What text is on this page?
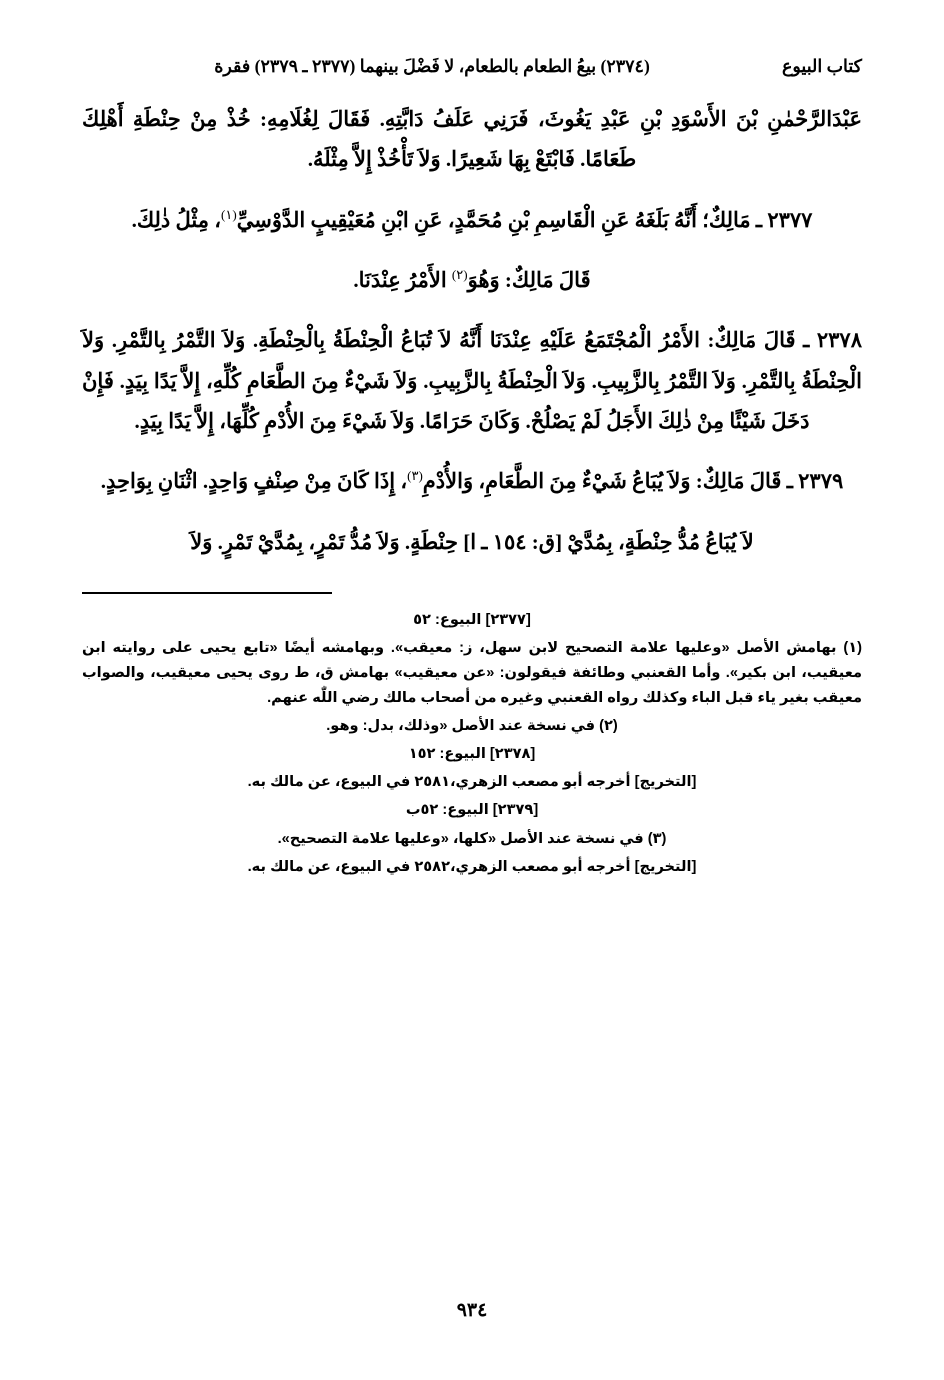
كتاب البيوع
(٢٣٧٤) بيعُ الطعام بالطعام، لا فَضْلَ بينهما (٢٣٧٧ ـ ٢٣٧٩) فقرة

عَبْدَالرَّحْمٰنِ بْنَ الأَسْوَدِ بْنِ عَبْدِ يَغُوثَ، فَرَنِي عَلَفُ دَابَّتِهِ. فَقَالَ لِغُلَامِهِ: خُذْ مِنْ حِنْطَةِ أَهْلِكَ طَعَامًا. فَابْتَعْ بِهَا شَعِيرًا. وَلاَ تَأْخُذْ إِلاَّ مِثْلَهُ.

٢٣٧٧ ـ مَالِكٌ؛ أَنَّهُ بَلَغَهُ عَنِ الْقَاسِمِ بْنِ مُحَمَّدٍ، عَنِ ابْنِ مُعَيْقِيبٍ الدَّوْسِيِّ$^{(١)}$، مِثْلُ ذٰلِكَ.

قَالَ مَالِكٌ: وَهُوَ$^{(٢)}$ الأَمْرُ عِنْدَنَا.

٢٣٧٨ ـ قَالَ مَالِكٌ: الأَمْرُ الْمُجْتَمَعُ عَلَيْهِ عِنْدَنَا أَنَّهُ لاَ تُبَاعُ الْحِنْطَةُ بِالْحِنْطَةِ. وَلاَ التَّمْرُ بِالتَّمْرِ. وَلاَ الْحِنْطَةُ بِالتَّمْرِ. وَلاَ التَّمْرُ بِالزَّبِيبِ. وَلاَ الْحِنْطَةُ بِالزَّبِيبِ. وَلاَ شَيْءٌ مِنَ الطَّعَامِ كُلِّهِ، إِلاَّ يَدًا بِيَدٍ. فَإِنْ دَخَلَ شَيْئًا مِنْ ذٰلِكَ الأَجَلُ لَمْ يَصْلُحْ. وَكَانَ حَرَامًا. وَلاَ شَيْءَ مِنَ الأُدْمِ كُلِّهَا، إِلاَّ يَدًا بِيَدٍ.

٢٣٧٩ ـ قَالَ مَالِكٌ: وَلاَ يُبَاعُ شَيْءٌ مِنَ الطَّعَامِ، وَالأُدْمِ$^{(٣)}$، إِذَا كَانَ مِنْ صِنْفٍ وَاحِدٍ. اثْنَانِ بِوَاحِدٍ.

لاَ يُبَاعُ مُدُّ حِنْطَةٍ، بِمُدَّيْ [ق: ١٥٤ ـ ا] حِنْطَةٍ. وَلاَ مُدُّ تَمْرٍ، بِمُدَّيْ تَمْرٍ. وَلاَ

[٢٣٧٧] البيوع: ٥٢

(١) بهامش الأصل «وعليها علامة التصحيح لابن سهل، ز: معيقب». وبهامشه أيضًا «تابع يحيى على روايته ابن معيقيب، ابن بكير». وأما القعنبي وطائفة فيقولون: «عن معيقيب» بهامش ق، ط روى يحيى معيقيب، والصواب معيقب بغير ياء قبل الباء وكذلك رواه القعنبي وغيره من أصحاب مالك رضي اللّٰه عنهم.

(٢) في نسخة عند الأصل «وذلك، بدل: وهو.

[٢٣٧٨] البيوع: ١٥٢

[التخريج] أخرجه أبو مصعب الزهري،٢٥٨١ في البيوع، عن مالك به.

[٢٣٧٩] البيوع: ٥٢ب

(٣) في نسخة عند الأصل «كلها، «وعليها علامة التصحيح».

[التخريج] أخرجه أبو مصعب الزهري،٢٥٨٢ في البيوع، عن مالك به.

٩٣٤
